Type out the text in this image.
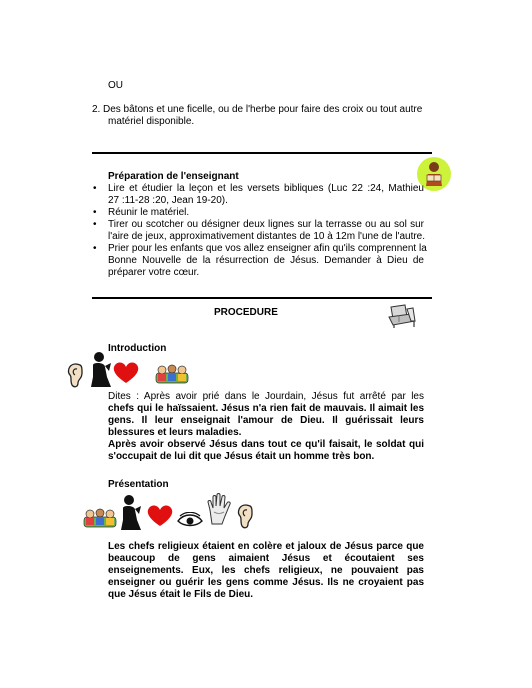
OU
2. Des bâtons et une ficelle, ou de l'herbe pour faire des croix ou tout autre
matériel disponible.
Préparation de l'enseignant
• Lire et étudier la leçon et les versets bibliques (Luc 22 :24, Mathieu
27 :11-28 :20, Jean 19-20).
• Réunir le matériel.
• Tirer ou scotcher ou désigner deux lignes sur la terrasse ou au sol sur
l'aire de jeux, approximativement distantes de 10 à 12m l'une de l'autre.
• Prier pour les enfants que vos allez enseigner afin qu'ils comprennent la
Bonne Nouvelle de la résurrection de Jésus. Demander à Dieu de
préparer votre cœur.
PROCEDURE
Introduction
Dites : Après avoir prié dans le Jourdain, Jésus fut arrêté par les
chefs qui le haïssaient. Jésus n'a rien fait de mauvais. Il aimait les
gens. Il leur enseignait l'amour de Dieu. Il guérissait leurs
blessures et leurs maladies.
Après avoir observé Jésus dans tout ce qu'il faisait, le soldat qui
s'occupait de lui dit que Jésus était un homme très bon.
Présentation
Les chefs religieux étaient en colère et jaloux de Jésus parce que
beaucoup de gens aimaient Jésus et écoutaient ses
enseignements. Eux, les chefs religieux, ne pouvaient pas
enseigner ou guérir les gens comme Jésus. Ils ne croyaient pas
que Jésus était le Fils de Dieu.
